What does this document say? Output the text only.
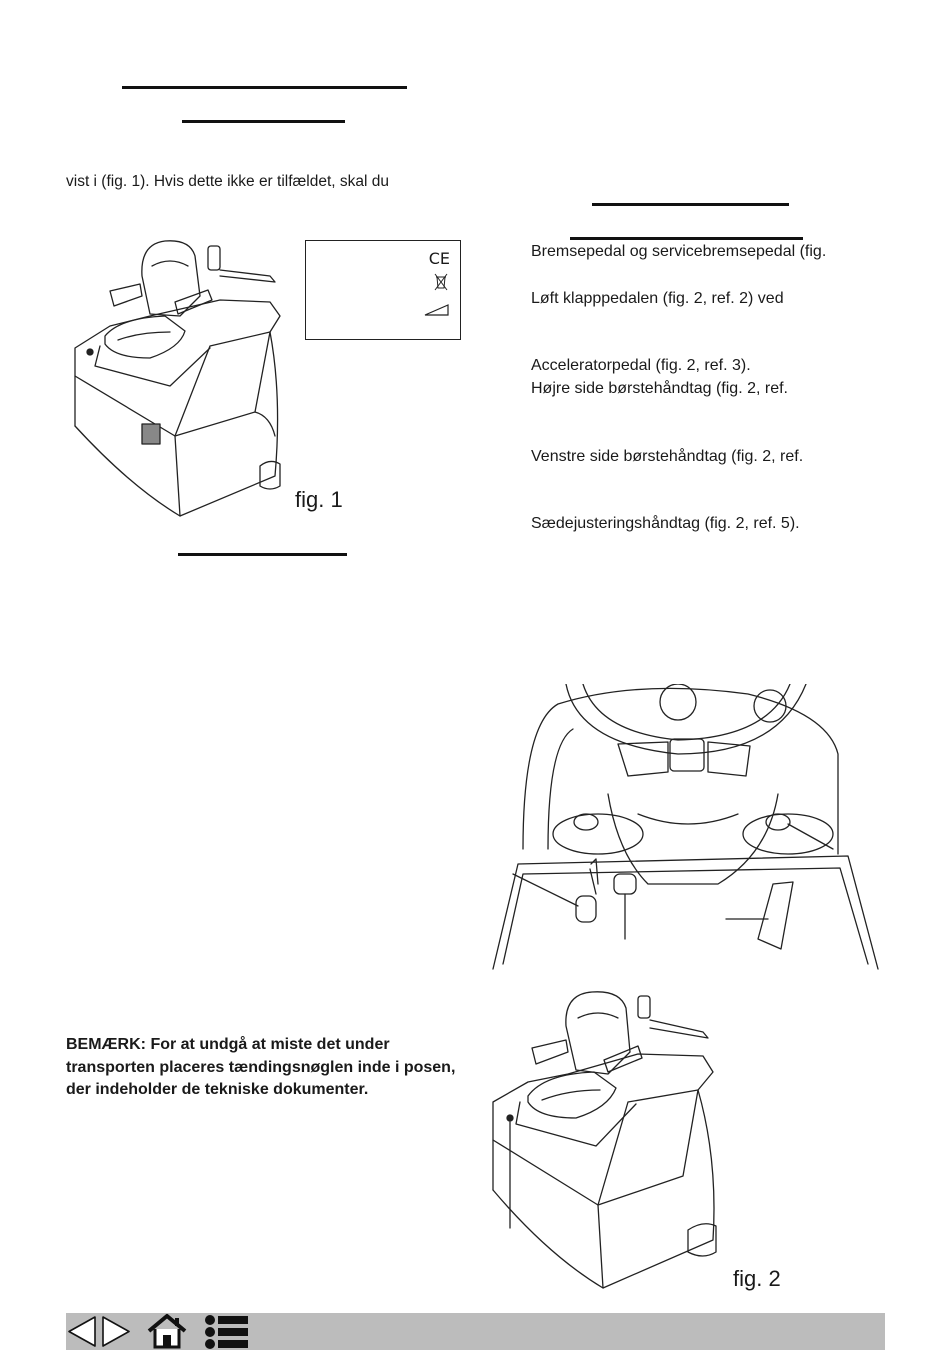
vist i (fig. 1). Hvis dette ikke er tilfældet, skal du
Bremsepedal og servicebremsepedal (fig.
Løft klapppedalen (fig. 2, ref. 2) ved
Acceleratorpedal (fig. 2, ref. 3).
Højre side børstehåndtag (fig. 2, ref.
Venstre side børstehåndtag (fig. 2, ref.
Sædejusteringshåndtag (fig. 2, ref. 5).
CE
fig. 1
fig. 2
BEMÆRK: For at undgå at miste det under transporten placeres tændingsnøglen inde i posen, der indeholder de tekniske dokumenter.
